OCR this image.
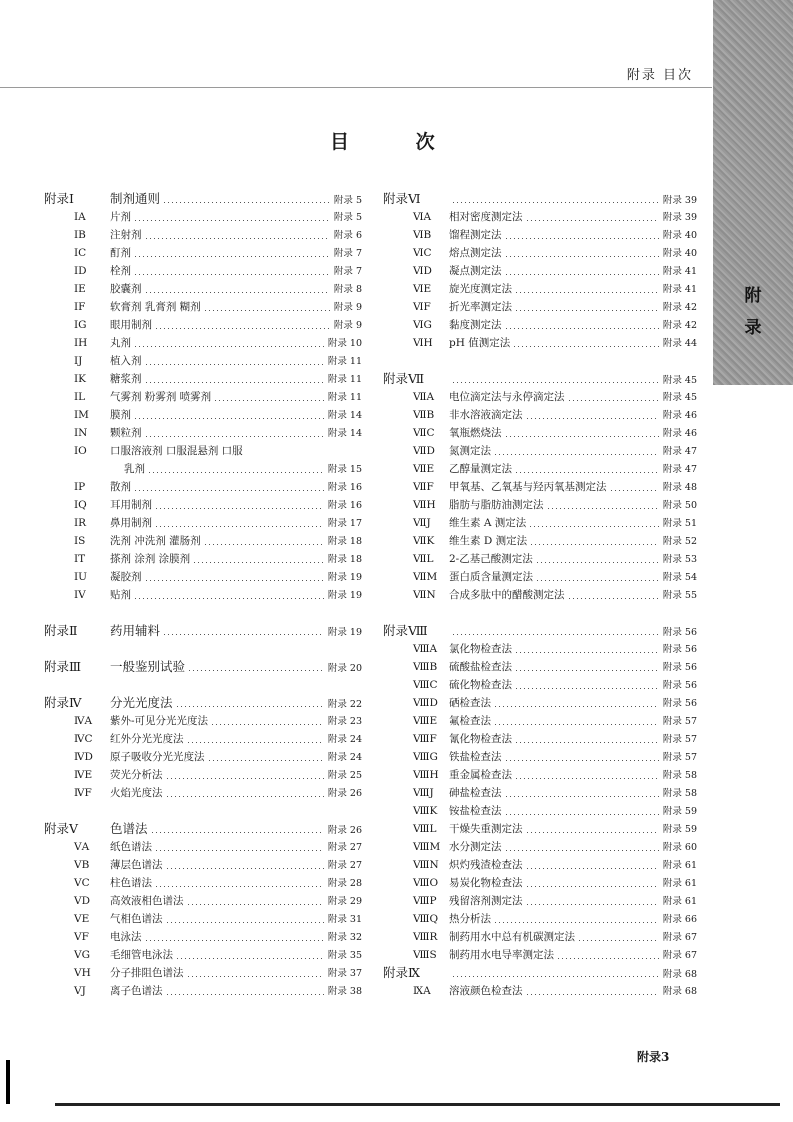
附
录
附录 目次
目 次
附录Ⅰ	制剂通则	附录 5
ⅠA	片剂	附录 5
ⅠB	注射剂	附录 6
ⅠC	酊剂	附录 7
ⅠD	栓剂	附录 7
ⅠE	胶囊剂	附录 8
ⅠF	软膏剂 乳膏剂 糊剂	附录 9
ⅠG	眼用制剂	附录 9
ⅠH	丸剂	附录 10
ⅠJ	植入剂	附录 11
ⅠK	糖浆剂	附录 11
ⅠL	气雾剂 粉雾剂 喷雾剂	附录 11
ⅠM	膜剂	附录 14
ⅠN	颗粒剂	附录 14
ⅠO	口服溶液剂 口服混悬剂 口服
乳剂	附录 15
ⅠP	散剂	附录 16
ⅠQ	耳用制剂	附录 16
ⅠR	鼻用制剂	附录 17
ⅠS	洗剂 冲洗剂 灌肠剂	附录 18
ⅠT	搽剂 涂剂 涂膜剂	附录 18
ⅠU	凝胶剂	附录 19
ⅠV	贴剂	附录 19
附录Ⅱ	药用辅料	附录 19
附录Ⅲ	一般鉴别试验	附录 20
附录Ⅳ	分光光度法	附录 22
ⅣA	紫外-可见分光光度法	附录 23
ⅣC	红外分光光度法	附录 24
ⅣD	原子吸收分光光度法	附录 24
ⅣE	荧光分析法	附录 25
ⅣF	火焰光度法	附录 26
附录Ⅴ	色谱法	附录 26
ⅤA	纸色谱法	附录 27
ⅤB	薄层色谱法	附录 27
ⅤC	柱色谱法	附录 28
ⅤD	高效液相色谱法	附录 29
ⅤE	气相色谱法	附录 31
ⅤF	电泳法	附录 32
ⅤG	毛细管电泳法	附录 35
ⅤH	分子排阻色谱法	附录 37
ⅤJ	离子色谱法	附录 38
附录Ⅵ	附录 39
ⅥA	相对密度测定法	附录 39
ⅥB	馏程测定法	附录 40
ⅥC	熔点测定法	附录 40
ⅥD	凝点测定法	附录 41
ⅥE	旋光度测定法	附录 41
ⅥF	折光率测定法	附录 42
ⅥG	黏度测定法	附录 42
ⅥH	pH 值测定法	附录 44
附录Ⅶ	附录 45
ⅦA	电位滴定法与永停滴定法	附录 45
ⅦB	非水溶液滴定法	附录 46
ⅦC	氧瓶燃烧法	附录 46
ⅦD	氮测定法	附录 47
ⅦE	乙醇量测定法	附录 47
ⅦF	甲氧基、乙氧基与羟丙氧基测定法	附录 48
ⅦH	脂肪与脂肪油测定法	附录 50
ⅦJ	维生素 A 测定法	附录 51
ⅦK	维生素 D 测定法	附录 52
ⅦL	2-乙基己酸测定法	附录 53
ⅦM	蛋白质含量测定法	附录 54
ⅦN	合成多肽中的醋酸测定法	附录 55
附录Ⅷ	附录 56
ⅧA	氯化物检查法	附录 56
ⅧB	硫酸盐检查法	附录 56
ⅧC	硫化物检查法	附录 56
ⅧD	硒检查法	附录 56
ⅧE	氟检查法	附录 57
ⅧF	氰化物检查法	附录 57
ⅧG	铁盐检查法	附录 57
ⅧH 重金属检查法	附录 58
ⅧJ	砷盐检查法	附录 58
ⅧK	铵盐检查法	附录 59
ⅧL	干燥失重测定法	附录 59
ⅧM 水分测定法	附录 60
ⅧN 炽灼残渣检查法	附录 61
ⅧO	易炭化物检查法	附录 61
ⅧP	残留溶剂测定法	附录 61
ⅧQ	热分析法	附录 66
ⅧR	制药用水中总有机碳测定法	附录 67
ⅧS	制药用水电导率测定法	附录 67
附录Ⅸ	附录 68
ⅨA	溶液颜色检查法	附录 68
附录3
